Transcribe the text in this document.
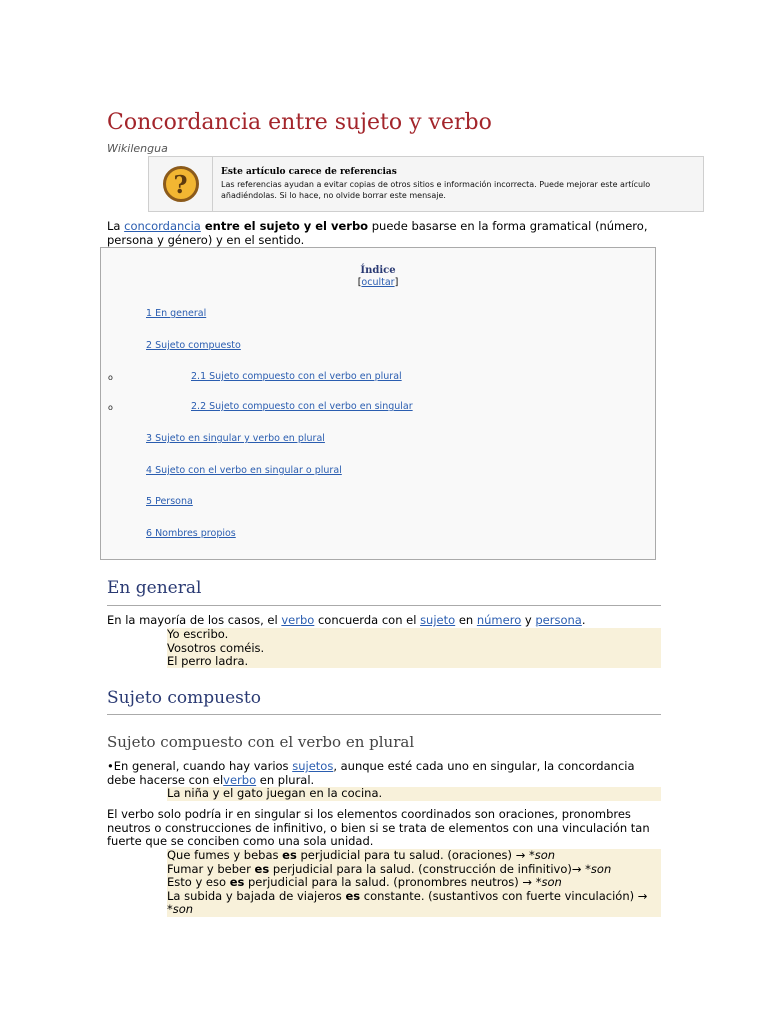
Concordancia entre sujeto y verbo
Wikilengua
?	Este artículo carece de referencias
Las referencias ayudan a evitar copias de otros sitios e información incorrecta. Puede mejorar este artículo añadiéndolas. Si lo hace, no olvide borrar este mensaje.

La concordancia entre el sujeto y el verbo puede basarse en la forma gramatical (número, persona y género) y en el sentido.

Índice
[ocultar]
1 En general
2 Sujeto compuesto
o	2.1 Sujeto compuesto con el verbo en plural
o	2.2 Sujeto compuesto con el verbo en singular
3 Sujeto en singular y verbo en plural
4 Sujeto con el verbo en singular o plural
5 Persona
6 Nombres propios
En general

En la mayoría de los casos, el verbo concuerda con el sujeto en número y persona.

Yo escribo.
Vosotros coméis.
El perro ladra.
Sujeto compuesto
Sujeto compuesto con el verbo en plural

•En general, cuando hay varios sujetos, aunque esté cada uno en singular, la concordancia debe hacerse con elverbo en plural.

La niña y el gato juegan en la cocina.

El verbo solo podría ir en singular si los elementos coordinados son oraciones, pronombres neutros o construcciones de infinitivo, o bien si se trata de elementos con una vinculación tan fuerte que se conciben como una sola unidad.

Que fumes y bebas es perjudicial para tu salud. (oraciones) → *son
Fumar y beber es perjudicial para la salud. (construcción de infinitivo)→ *son
Esto y eso es perjudicial para la salud. (pronombres neutros) → *son
La subida y bajada de viajeros es constante. (sustantivos con fuerte vinculación) → *son
